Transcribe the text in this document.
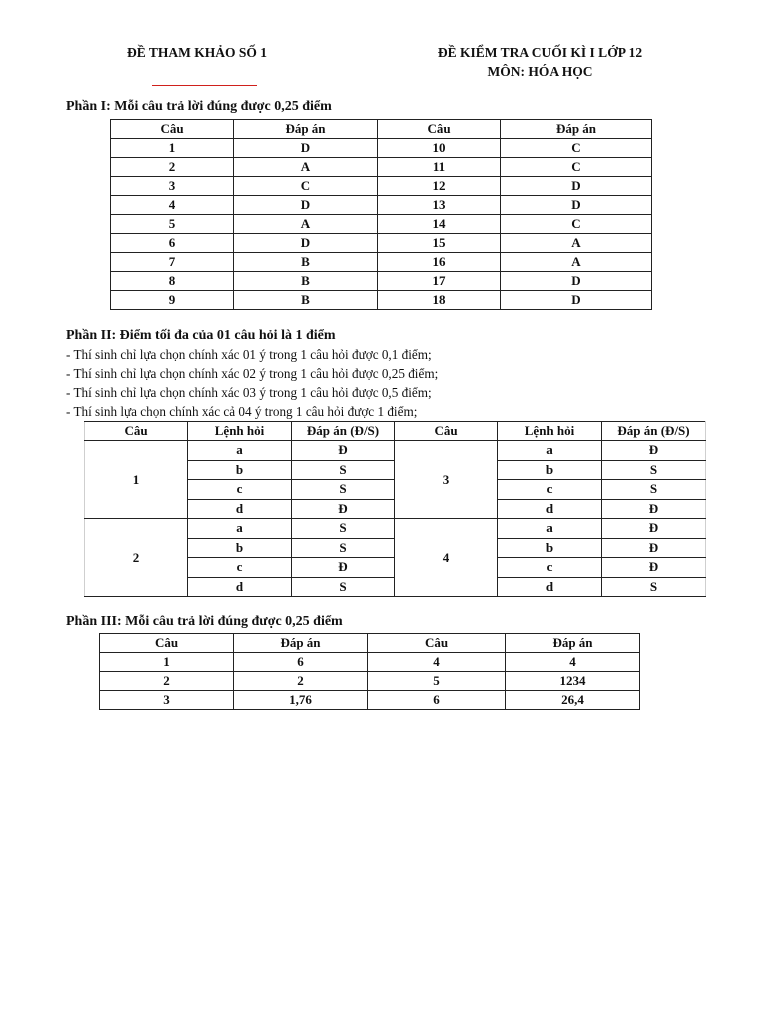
ĐỀ THAM KHẢO SỐ 1	ĐỀ KIỂM TRA CUỐI KÌ I LỚP 12
MÔN: HÓA HỌC
Phần I: Mỗi câu trả lời đúng được 0,25 điểm
Câu	Đáp án	Câu	Đáp án
1	D	10	C
2	A	11	C
3	C	12	D
4	D	13	D
5	A	14	C
6	D	15	A
7	B	16	A
8	B	17	D
9	B	18	D
Phần II: Điểm tối đa của 01 câu hỏi là 1 điểm
- Thí sinh chỉ lựa chọn chính xác 01 ý trong 1 câu hỏi được 0,1 điểm;
- Thí sinh chỉ lựa chọn chính xác 02 ý trong 1 câu hỏi được 0,25 điểm;
- Thí sinh chỉ lựa chọn chính xác 03 ý trong 1 câu hỏi được 0,5 điểm;
- Thí sinh lựa chọn chính xác cả 04 ý trong 1 câu hỏi được 1 điểm;
Câu	Lệnh hỏi	Đáp án (Đ/S)	Câu	Lệnh hỏi	Đáp án (Đ/S)
1	a	Đ	3	a	Đ
	b	S		b	S
	c	S		c	S
	d	Đ		d	Đ
2	a	S	4	a	Đ
	b	S		b	Đ
	c	Đ		c	Đ
	d	S		d	S
Phần III: Mỗi câu trả lời đúng được 0,25 điểm
Câu	Đáp án	Câu	Đáp án
1	6	4	4
2	2	5	1234
3	1,76	6	26,4
